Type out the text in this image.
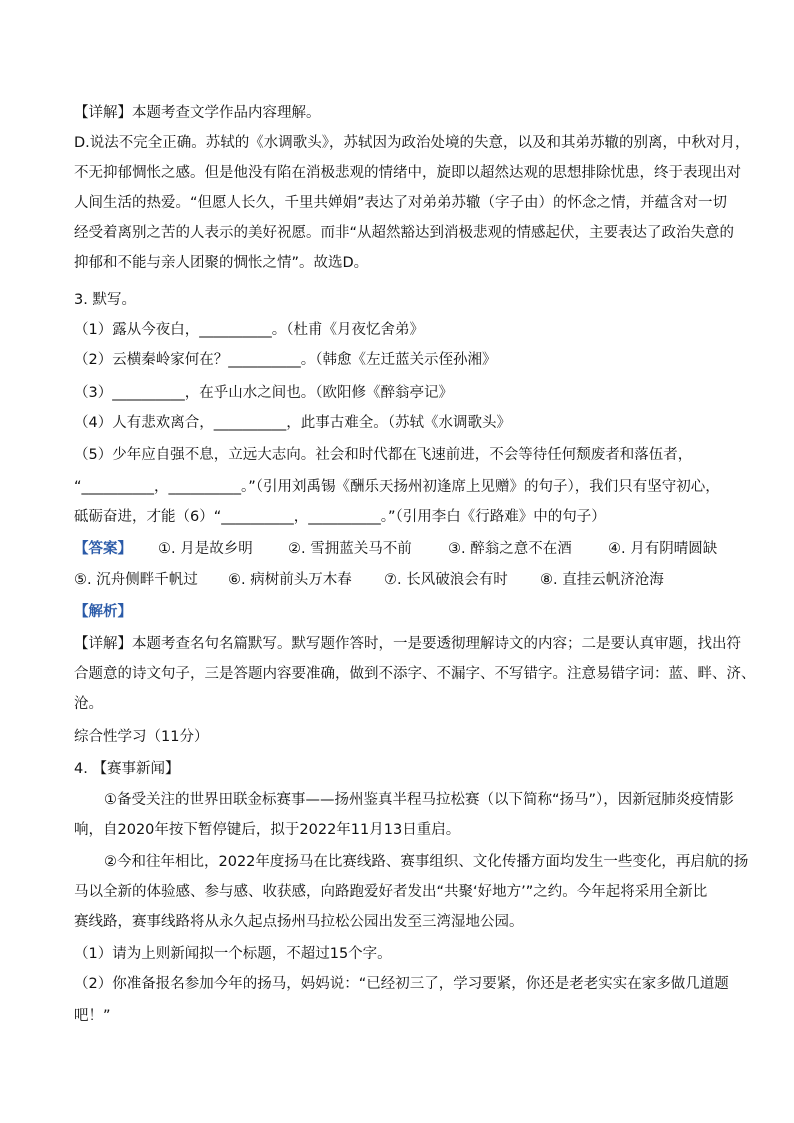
【详解】本题考查文学作品内容理解。
D.说法不完全正确。苏轼的《水调歌头》，苏轼因为政治处境的失意，以及和其弟苏辙的别离，中秋对月，
不无抑郁惆怅之感。但是他没有陷在消极悲观的情绪中，旋即以超然达观的思想排除忧患，终于表现出对
人间生活的热爱。“但愿人长久，千里共婵娟”表达了对弟弟苏辙（字子由）的怀念之情，并蕴含对一切
经受着离别之苦的人表示的美好祝愿。而非“从超然豁达到消极悲观的情感起伏，主要表达了政治失意的
抑郁和不能与亲人团聚的惆怅之情”。故选D。
3. 默写。
（1）露从今夜白，__________。（杜甫《月夜忆舍弟》
（2）云横秦岭家何在？__________。（韩愈《左迁蓝关示侄孙湘》
（3）__________，在乎山水之间也。（欧阳修《醉翁亭记》
（4）人有悲欢离合，__________，此事古难全。（苏轼《水调歌头》
（5）少年应自强不息，立远大志向。社会和时代都在飞速前进，不会等待任何颓废者和落伍者，
“__________，__________。”（引用刘禹锡《酬乐天扬州初逢席上见赠》的句子），我们只有坚守初心，
砥砺奋进，才能（6）“__________，__________。”（引用李白《行路难》中的句子）
【答案】 ①. 月是故乡明 ②. 雪拥蓝关马不前	③. 醉翁之意不在酒	④. 月有阴晴圆缺
⑤. 沉舟侧畔千帆过 ⑥. 病树前头万木春 ⑦. 长风破浪会有时 ⑧. 直挂云帆济沧海
【解析】
【详解】本题考查名句名篇默写。默写题作答时，一是要透彻理解诗文的内容；二是要认真审题，找出符
合题意的诗文句子，三是答题内容要准确，做到不添字、不漏字、不写错字。注意易错字词：蓝、畔、济、
沧。
综合性学习（11分）
4. 【赛事新闻】
①备受关注的世界田联金标赛事——扬州鉴真半程马拉松赛（以下简称“扬马”），因新冠肺炎疫情影
响，自2020年按下暂停键后，拟于2022年11月13日重启。
②今和往年相比，2022年度扬马在比赛线路、赛事组织、文化传播方面均发生一些变化，再启航的扬
马以全新的体验感、参与感、收获感，向路跑爱好者发出“共聚‘好地方’”之约。今年起将采用全新比
赛线路，赛事线路将从永久起点扬州马拉松公园出发至三湾湿地公园。
（1）请为上则新闻拟一个标题，不超过15个字。
（2）你准备报名参加今年的扬马，妈妈说：“已经初三了，学习要紧，你还是老老实实在家多做几道题
吧！”
